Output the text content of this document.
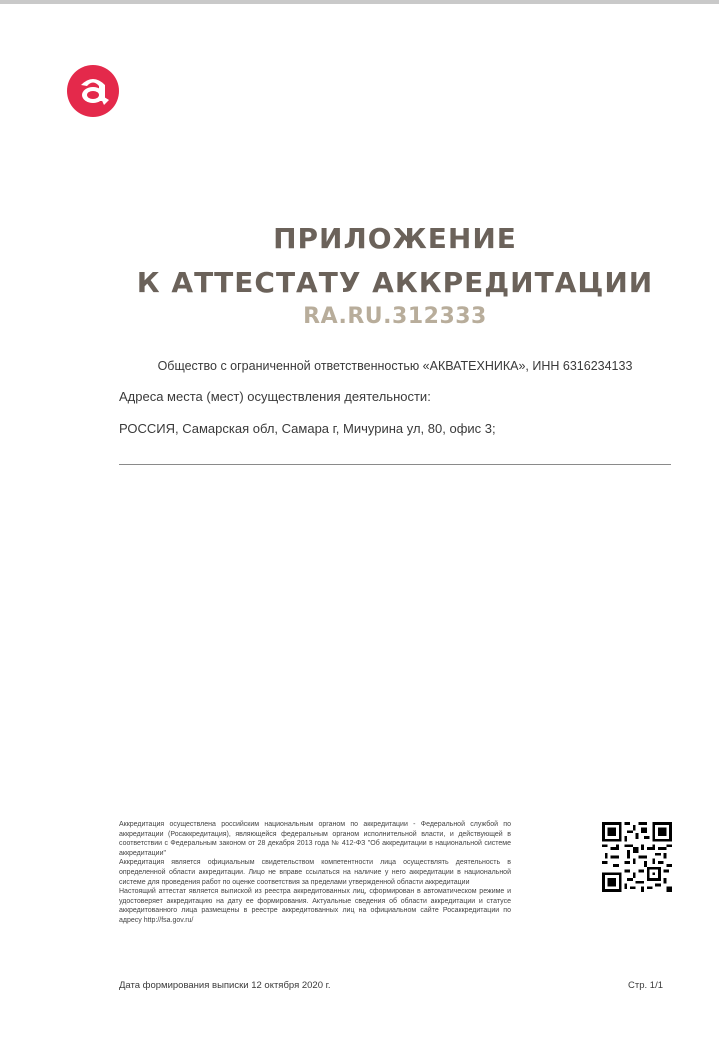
ПРИЛОЖЕНИЕ
К АТТЕСТАТУ АККРЕДИТАЦИИ
RA.RU.312333
Общество с ограниченной ответственностью «АКВАТЕХНИКА», ИНН 6316234133
Адреса места (мест) осуществления деятельности:
РОССИЯ, Самарская обл, Самара г, Мичурина ул, 80, офис 3;

Аккредитация осуществлена российским национальным органом по аккредитации - Федеральной службой по аккредитации (Росаккредитация), являющейся федеральным органом исполнительной власти, и действующей в соответствии с Федеральным законом от 28 декабря 2013 года № 412-ФЗ "Об аккредитации в национальной системе аккредитации"

Аккредитация является официальным свидетельством компетентности лица осуществлять деятельность в определенной области аккредитации. Лицо не вправе ссылаться на наличие у него аккредитации в национальной системе для проведения работ по оценке соответствия за пределами утвержденной области аккредитации

Настоящий аттестат является выпиской из реестра аккредитованных лиц, сформирован в автоматическом режиме и удостоверяет аккредитацию на дату ее формирования. Актуальные сведения об области аккредитации и статусе аккредитованного лица размещены в реестре аккредитованных лиц на официальном сайте Росаккредитации по адресу http://fsa.gov.ru/

Дата формирования выписки 12 октября 2020 г.	Стр. 1/1
